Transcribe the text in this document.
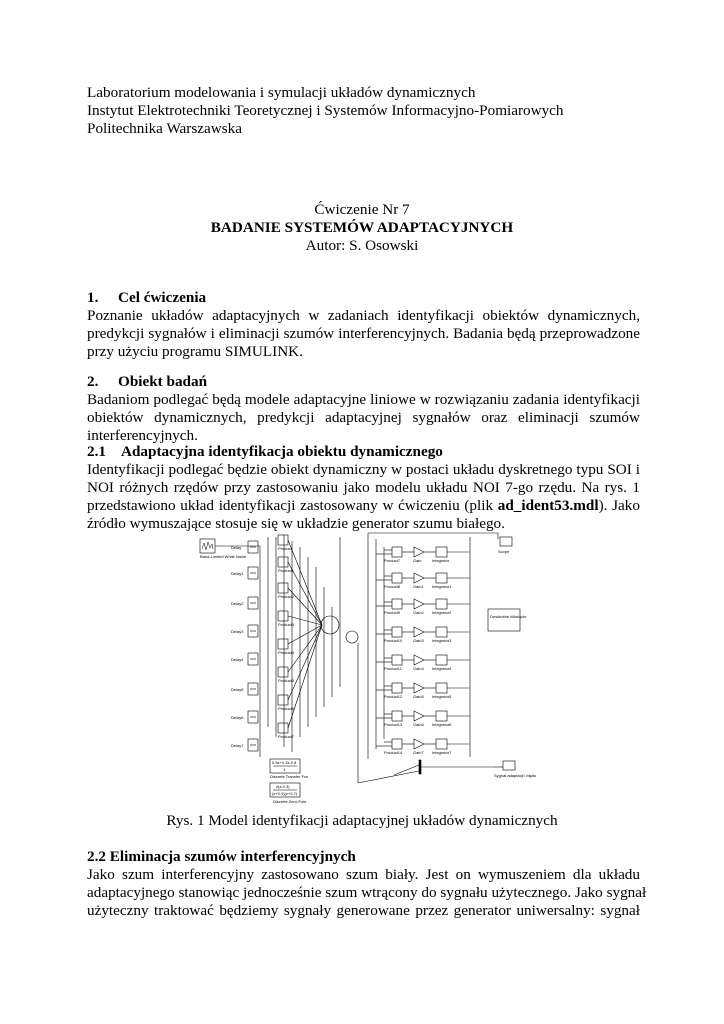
Laboratorium modelowania i symulacji układów dynamicznych
Instytut Elektrotechniki Teoretycznej i Systemów Informacyjno-Pomiarowych
Politechnika Warszawska
Ćwiczenie Nr 7
BADANIE SYSTEMÓW ADAPTACYJNYCH
Autor: S. Osowski
1. Cel ćwiczenia
Poznanie układów adaptacyjnych w zadaniach identyfikacji obiektów dynamicznych,
predykcji sygnałów i eliminacji szumów interferencyjnych. Badania będą przeprowadzone
przy użyciu programu SIMULINK.
2. Obiekt badań
Badaniom podlegać będą modele adaptacyjne liniowe w rozwiązaniu zadania identyfikacji
obiektów dynamicznych, predykcji adaptacyjnej sygnałów oraz eliminacji szumów
interferencyjnych.
2.1 Adaptacyjna identyfikacja obiektu dynamicznego
Identyfikacji podlegać będzie obiekt dynamiczny w postaci układu dyskretnego typu SOI i
NOI różnych rzędów przy zastosowaniu jako modelu układu NOI 7-go rzędu. Na rys. 1
przedstawiono układ identyfikacji zastosowany w ćwiczeniu (plik ad_ident53.mdl). Jako
źródło wymuszające stosuje się w układzie generator szumu białego.
Delay
Delay1
Delay2
Delay3
Delay4
Delay5
Delay6
Delay7
Product
Product1
Product2
Product3
Product4
Product5
Product6
Product7
Product7	Gain	Integrator
Product8	Gain1 Integrator1
Product9	Gain2 Integrator2
Product10	Gain3 Integrator3
Product11	Gain4 Integrator4
Product12	Gain5 Integrator5
Product13	Gain6 Integrator6
Product14	Gain7 Integrator7
Band-Limited White Noise
Scope
Dwukrotne kliknięcie
Sygnał adaptacji i błędu
0.5z+0.3z-0.8
1
Discrete Transfer Fcn
z(z-0.3)
(z+0.4)(z+0.7)
Discrete Zero-Pole
Rys. 1 Model identyfikacji adaptacyjnej układów dynamicznych
2.2 Eliminacja szumów interferencyjnych
Jako szum interferencyjny zastosowano szum biały. Jest on wymuszeniem dla układu
adaptacyjnego stanowiąc jednocześnie szum wtrącony do sygnału użytecznego. Jako sygnał
użyteczny traktować będziemy sygnały generowane przez generator uniwersalny: sygnał
